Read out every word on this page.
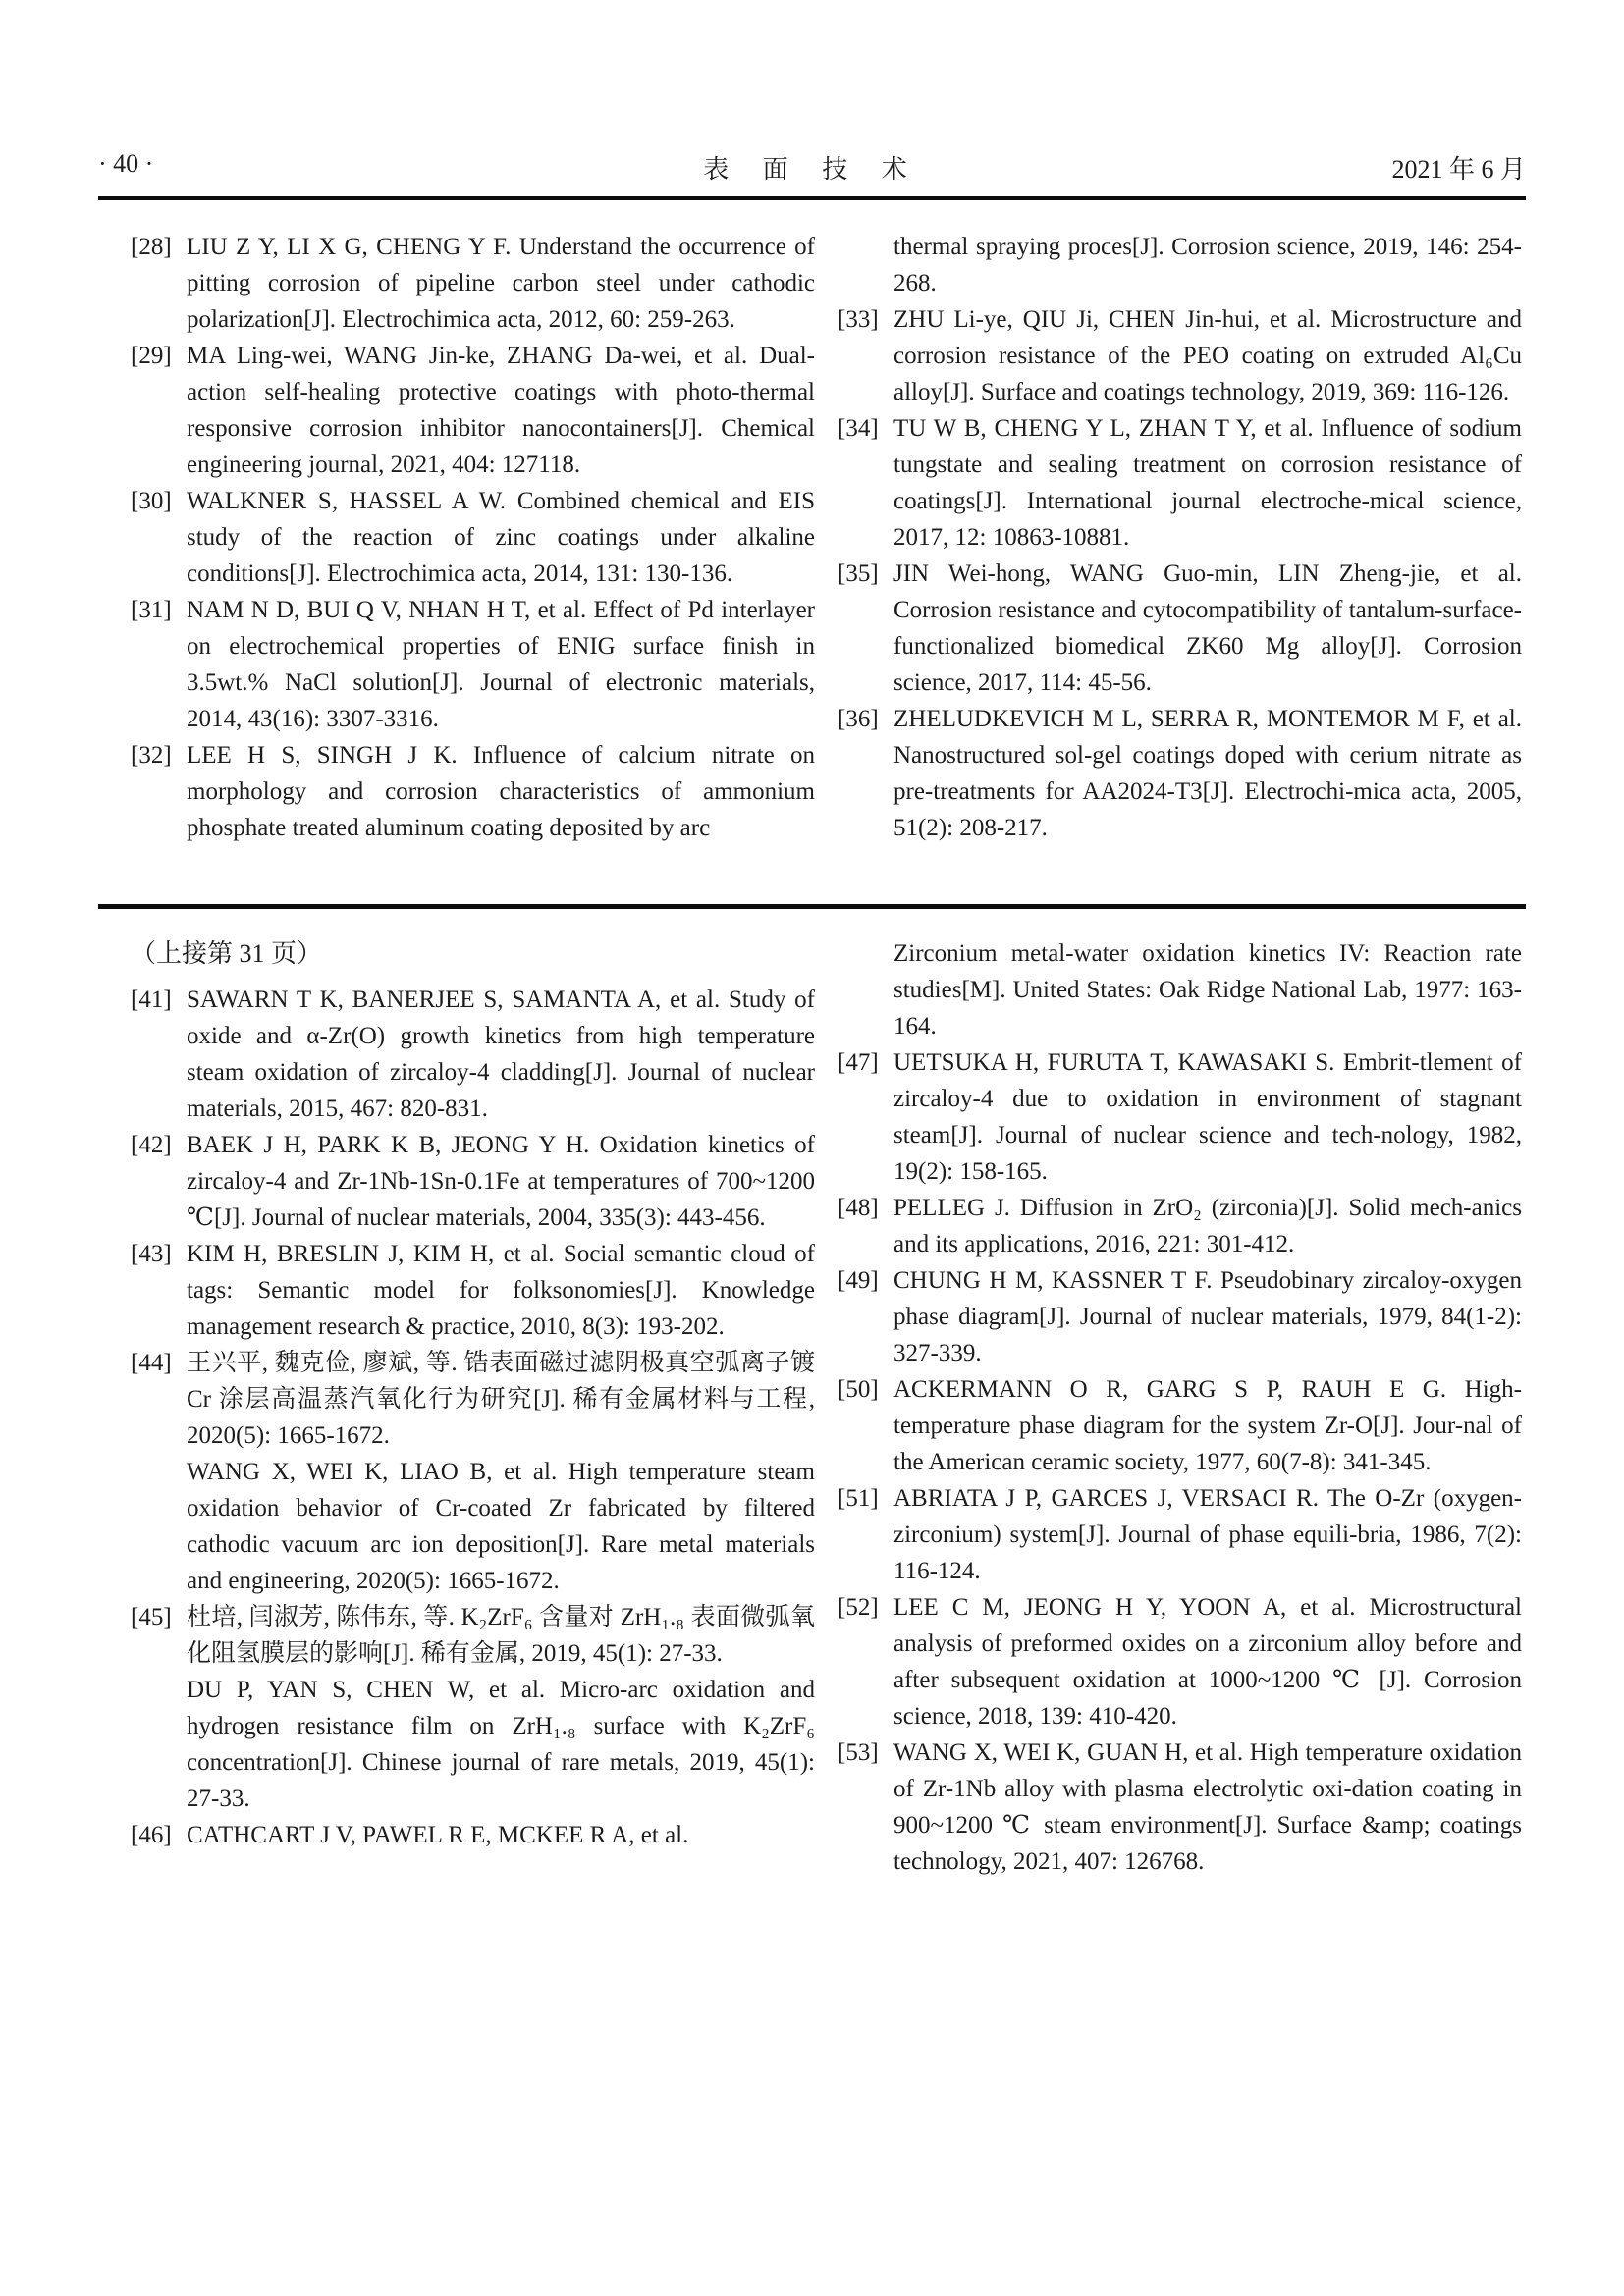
· 40 ·	表 面 技 术	2021 年 6 月
[28] LIU Z Y, LI X G, CHENG Y F. Understand the occurrence of pitting corrosion of pipeline carbon steel under cathodic polarization[J]. Electrochimica acta, 2012, 60: 259-263.
[29] MA Ling-wei, WANG Jin-ke, ZHANG Da-wei, et al. Dual-action self-healing protective coatings with photo-thermal responsive corrosion inhibitor nanocontainers[J]. Chemical engineering journal, 2021, 404: 127118.
[30] WALKNER S, HASSEL A W. Combined chemical and EIS study of the reaction of zinc coatings under alkaline conditions[J]. Electrochimica acta, 2014, 131: 130-136.
[31] NAM N D, BUI Q V, NHAN H T, et al. Effect of Pd interlayer on electrochemical properties of ENIG surface finish in 3.5wt.% NaCl solution[J]. Journal of electronic materials, 2014, 43(16): 3307-3316.
[32] LEE H S, SINGH J K. Influence of calcium nitrate on morphology and corrosion characteristics of ammonium phosphate treated aluminum coating deposited by arc
thermal spraying proces[J]. Corrosion science, 2019, 146: 254-268.
[33] ZHU Li-ye, QIU Ji, CHEN Jin-hui, et al. Microstructure and corrosion resistance of the PEO coating on extruded Al₆Cu alloy[J]. Surface and coatings technology, 2019, 369: 116-126.
[34] TU W B, CHENG Y L, ZHAN T Y, et al. Influence of sodium tungstate and sealing treatment on corrosion resistance of coatings[J]. International journal electroche-mical science, 2017, 12: 10863-10881.
[35] JIN Wei-hong, WANG Guo-min, LIN Zheng-jie, et al. Corrosion resistance and cytocompatibility of tantalum-surface-functionalized biomedical ZK60 Mg alloy[J]. Corrosion science, 2017, 114: 45-56.
[36] ZHELUDKEVICH M L, SERRA R, MONTEMOR M F, et al. Nanostructured sol-gel coatings doped with cerium nitrate as pre-treatments for AA2024-T3[J]. Electrochi-mica acta, 2005, 51(2): 208-217.
（上接第 31 页）
[41] SAWARN T K, BANERJEE S, SAMANTA A, et al. Study of oxide and α-Zr(O) growth kinetics from high temperature steam oxidation of zircaloy-4 cladding[J]. Journal of nuclear materials, 2015, 467: 820-831.
[42] BAEK J H, PARK K B, JEONG Y H. Oxidation kinetics of zircaloy-4 and Zr-1Nb-1Sn-0.1Fe at temperatures of 700~1200 ℃[J]. Journal of nuclear materials, 2004, 335(3): 443-456.
[43] KIM H, BRESLIN J, KIM H, et al. Social semantic cloud of tags: Semantic model for folksonomies[J]. Knowledge management research & practice, 2010, 8(3): 193-202.
[44] 王兴平, 魏克俭, 廖斌, 等. 锆表面磁过滤阴极真空弧离子镀 Cr 涂层高温蒸汽氧化行为研究[J]. 稀有金属材料与工程, 2020(5): 1665-1672.
WANG X, WEI K, LIAO B, et al. High temperature steam oxidation behavior of Cr-coated Zr fabricated by filtered cathodic vacuum arc ion deposition[J]. Rare metal materials and engineering, 2020(5): 1665-1672.
[45] 杜培, 闫淑芳, 陈伟东, 等. K₂ZrF₆ 含量对 ZrH₁.₈ 表面微弧氧化阻氢膜层的影响[J]. 稀有金属, 2019, 45(1): 27-33.
DU P, YAN S, CHEN W, et al. Micro-arc oxidation and hydrogen resistance film on ZrH₁.₈ surface with K₂ZrF₆ concentration[J]. Chinese journal of rare metals, 2019, 45(1): 27-33.
[46] CATHCART J V, PAWEL R E, MCKEE R A, et al.
Zirconium metal-water oxidation kinetics IV: Reaction rate studies[M]. United States: Oak Ridge National Lab, 1977: 163-164.
[47] UETSUKA H, FURUTA T, KAWASAKI S. Embrit-tlement of zircaloy-4 due to oxidation in environment of stagnant steam[J]. Journal of nuclear science and tech-nology, 1982, 19(2): 158-165.
[48] PELLEG J. Diffusion in ZrO₂ (zirconia)[J]. Solid mech-anics and its applications, 2016, 221: 301-412.
[49] CHUNG H M, KASSNER T F. Pseudobinary zircaloy-oxygen phase diagram[J]. Journal of nuclear materials, 1979, 84(1-2): 327-339.
[50] ACKERMANN O R, GARG S P, RAUH E G. High-temperature phase diagram for the system Zr-O[J]. Jour-nal of the American ceramic society, 1977, 60(7-8): 341-345.
[51] ABRIATA J P, GARCES J, VERSACI R. The O-Zr (oxygen-zirconium) system[J]. Journal of phase equili-bria, 1986, 7(2): 116-124.
[52] LEE C M, JEONG H Y, YOON A, et al. Microstructural analysis of preformed oxides on a zirconium alloy before and after subsequent oxidation at 1000~1200 ℃ [J]. Corrosion science, 2018, 139: 410-420.
[53] WANG X, WEI K, GUAN H, et al. High temperature oxidation of Zr-1Nb alloy with plasma electrolytic oxi-dation coating in 900~1200 ℃ steam environment[J]. Surface &amp; coatings technology, 2021, 407: 126768.
